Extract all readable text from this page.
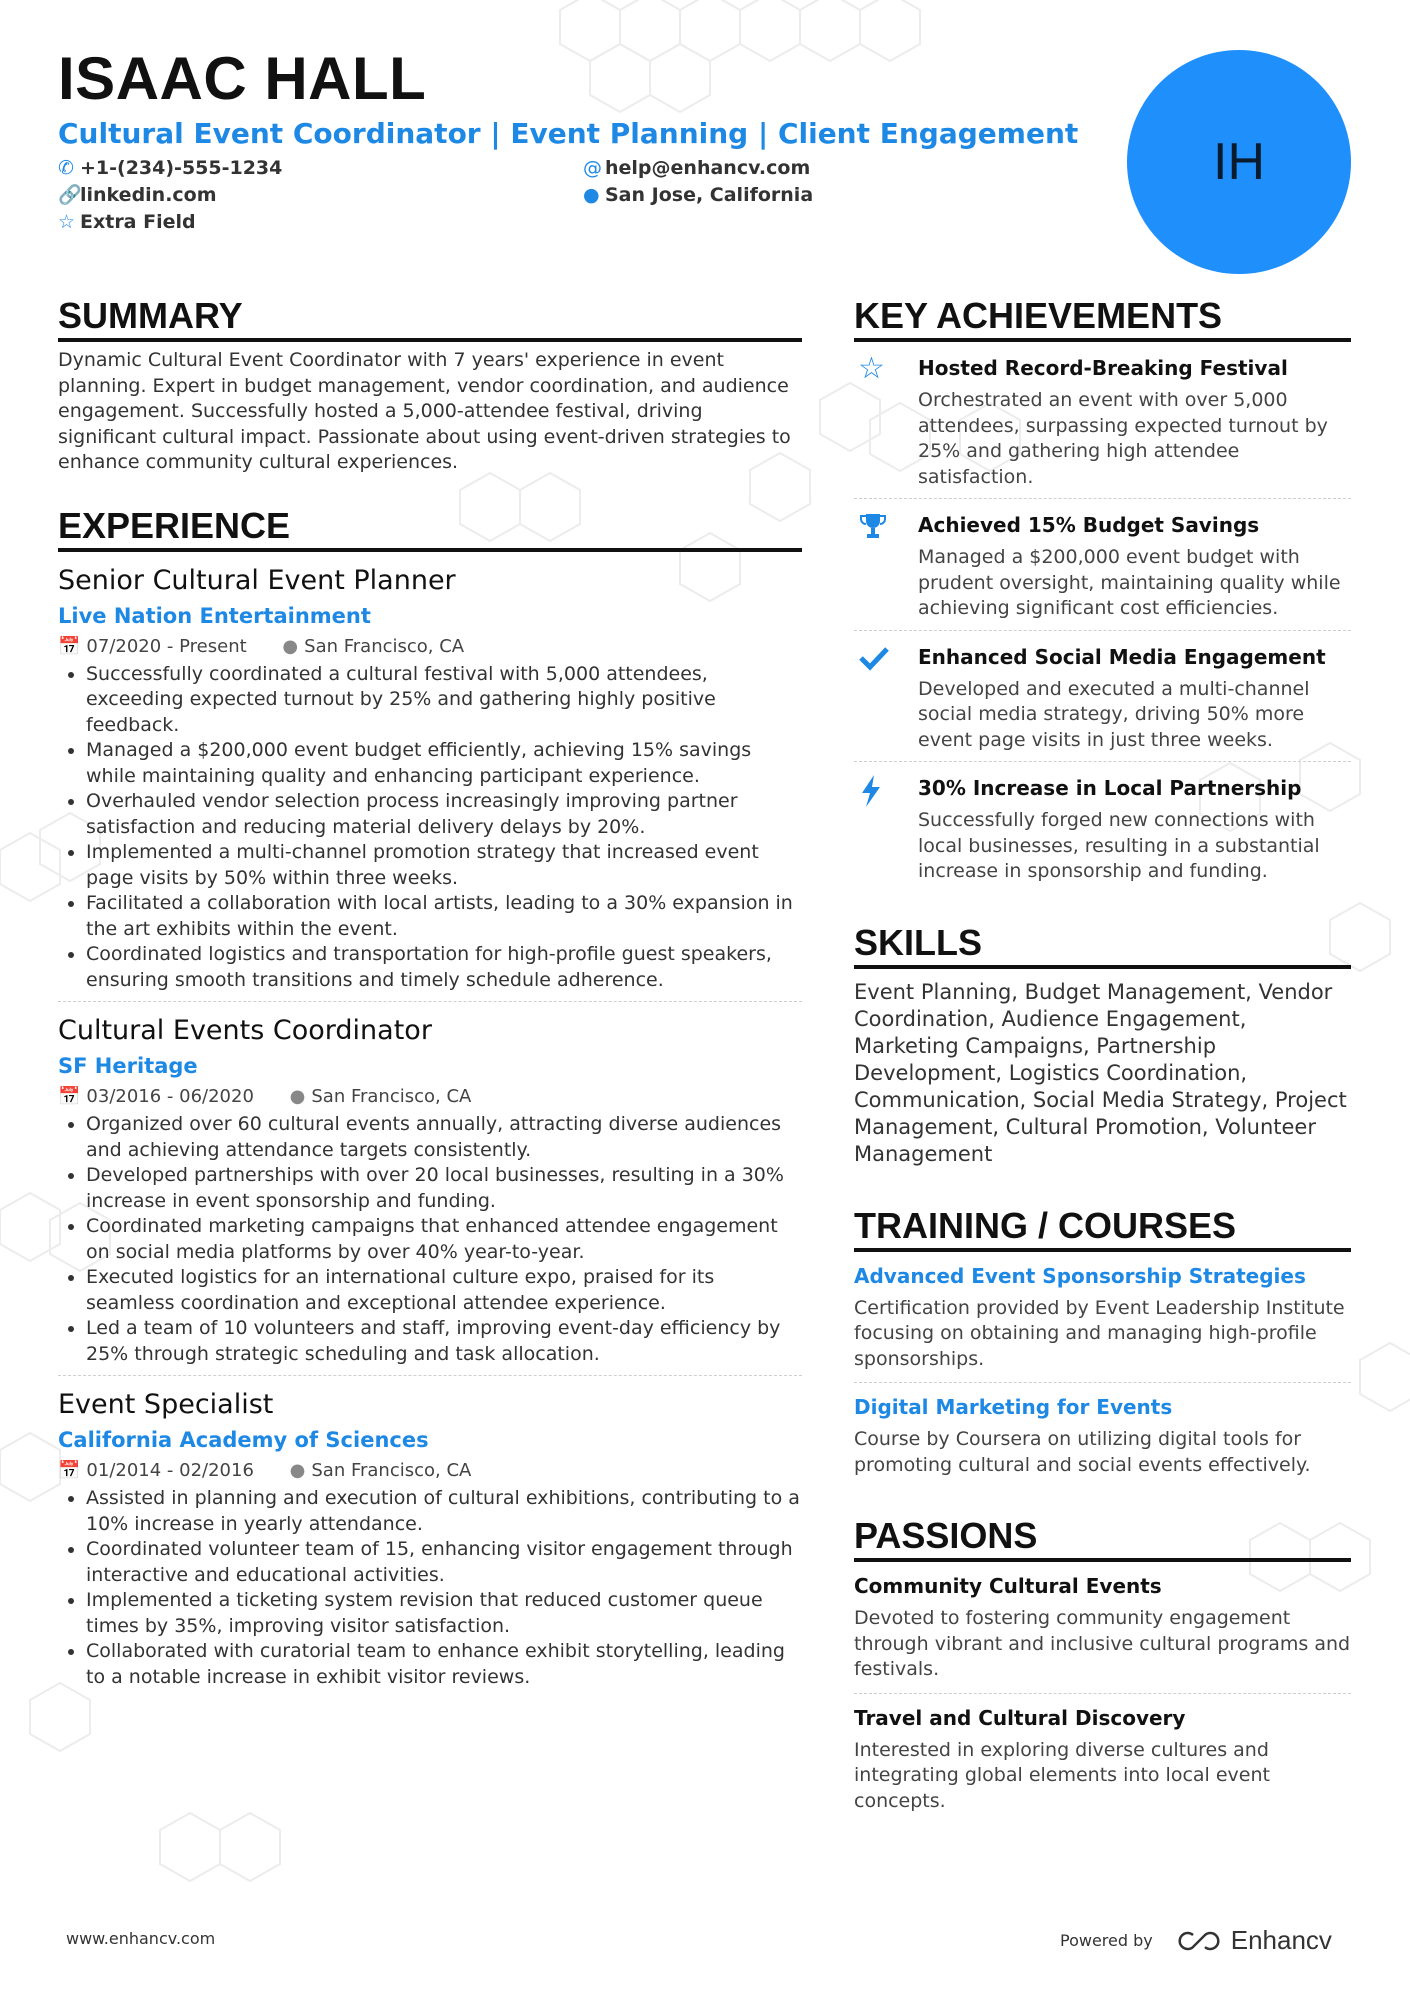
ISAAC HALL
Cultural Event Coordinator | Event Planning | Client Engagement
✆ +1-(234)-555-1234	@ help@enhancv.com
🔗linkedin.com	● San Jose, California
☆ Extra Field
IH
SUMMARY

Dynamic Cultural Event Coordinator with 7 years' experience in event planning. Expert in budget management, vendor coordination, and audience engagement. Successfully hosted a 5,000-attendee festival, driving significant cultural impact. Passionate about using event-driven strategies to enhance community cultural experiences.

EXPERIENCE
Senior Cultural Event Planner
Live Nation Entertainment
📅 07/2020 - Present ● San Francisco, CA
• Successfully coordinated a cultural festival with 5,000 attendees, exceeding expected turnout by 25% and gathering highly positive feedback.
• Managed a $200,000 event budget efficiently, achieving 15% savings while maintaining quality and enhancing participant experience.
• Overhauled vendor selection process increasingly improving partner satisfaction and reducing material delivery delays by 20%.
• Implemented a multi-channel promotion strategy that increased event page visits by 50% within three weeks.
• Facilitated a collaboration with local artists, leading to a 30% expansion in the art exhibits within the event.
• Coordinated logistics and transportation for high-profile guest speakers, ensuring smooth transitions and timely schedule adherence.
Cultural Events Coordinator
SF Heritage
📅 03/2016 - 06/2020 ● San Francisco, CA
• Organized over 60 cultural events annually, attracting diverse audiences and achieving attendance targets consistently.
• Developed partnerships with over 20 local businesses, resulting in a 30% increase in event sponsorship and funding.
• Coordinated marketing campaigns that enhanced attendee engagement on social media platforms by over 40% year-to-year.
• Executed logistics for an international culture expo, praised for its seamless coordination and exceptional attendee experience.
• Led a team of 10 volunteers and staff, improving event-day efficiency by 25% through strategic scheduling and task allocation.
Event Specialist
California Academy of Sciences
📅 01/2014 - 02/2016 ● San Francisco, CA
• Assisted in planning and execution of cultural exhibitions, contributing to a 10% increase in yearly attendance.
• Coordinated volunteer team of 15, enhancing visitor engagement through interactive and educational activities.
• Implemented a ticketing system revision that reduced customer queue times by 35%, improving visitor satisfaction.
• Collaborated with curatorial team to enhance exhibit storytelling, leading to a notable increase in exhibit visitor reviews.
KEY ACHIEVEMENTS
☆	Hosted Record-Breaking Festival
Orchestrated an event with over 5,000 attendees, surpassing expected turnout by 25% and gathering high attendee satisfaction.
Achieved 15% Budget Savings
Managed a $200,000 event budget with prudent oversight, maintaining quality while achieving significant cost efficiencies.
Enhanced Social Media Engagement
Developed and executed a multi-channel social media strategy, driving 50% more event page visits in just three weeks.
30% Increase in Local Partnership
Successfully forged new connections with local businesses, resulting in a substantial increase in sponsorship and funding.
SKILLS
Event Planning, Budget Management, Vendor Coordination, Audience Engagement, Marketing Campaigns, Partnership Development, Logistics Coordination, Communication, Social Media Strategy, Project Management, Cultural Promotion, Volunteer Management
TRAINING / COURSES
Advanced Event Sponsorship Strategies
Certification provided by Event Leadership Institute focusing on obtaining and managing high-profile sponsorships.
Digital Marketing for Events
Course by Coursera on utilizing digital tools for promoting cultural and social events effectively.
PASSIONS
Community Cultural Events
Devoted to fostering community engagement through vibrant and inclusive cultural programs and festivals.
Travel and Cultural Discovery
Interested in exploring diverse cultures and integrating global elements into local event concepts.
www.enhancv.com	Powered by	Enhancv
